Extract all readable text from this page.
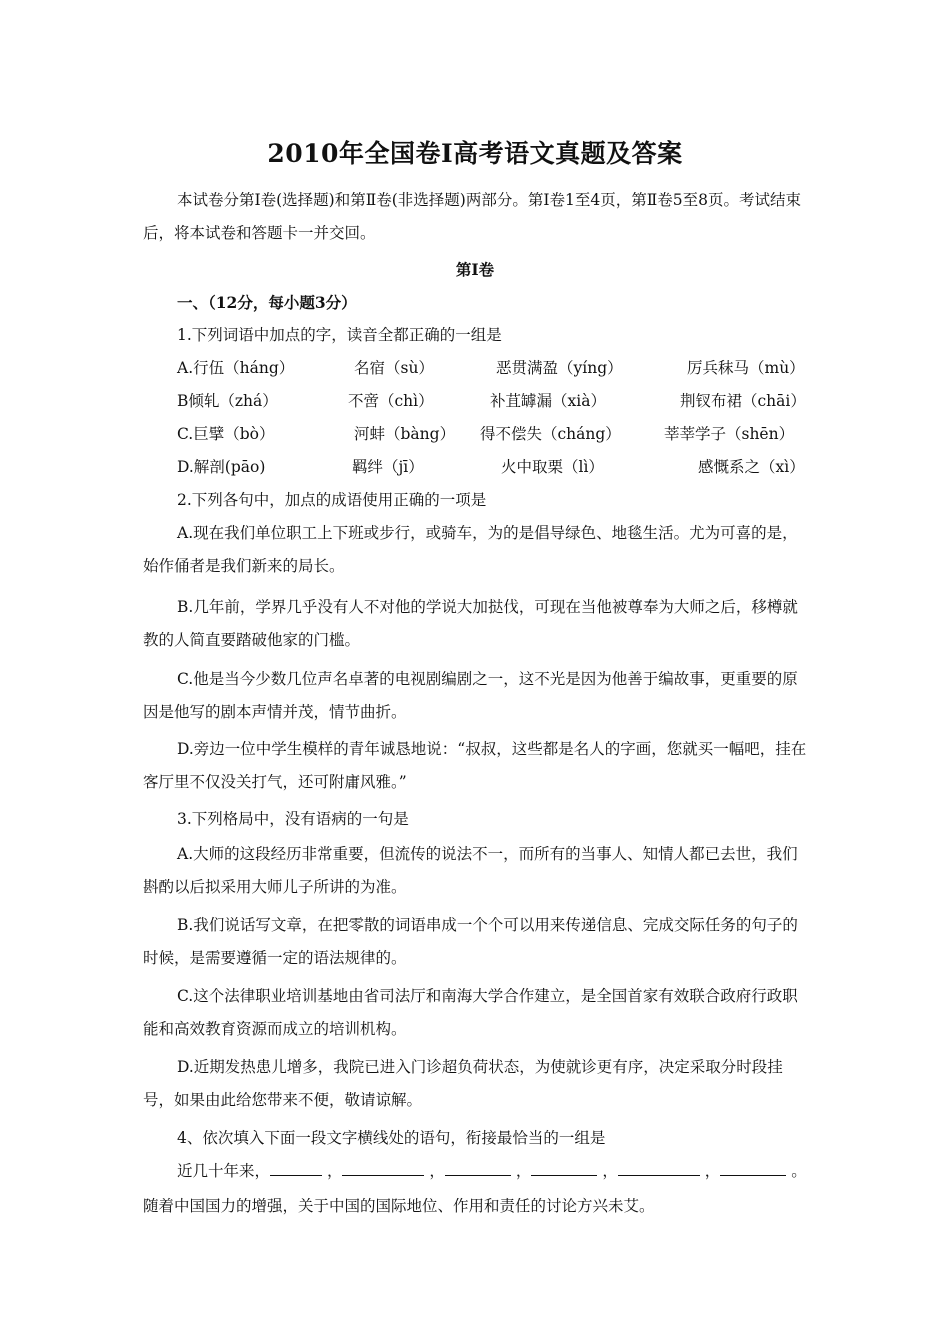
2010年全国卷Ⅰ高考语文真题及答案

本试卷分第Ⅰ卷(选择题)和第Ⅱ卷(非选择题)两部分。第Ⅰ卷1至4页，第Ⅱ卷5至8页。考试结束后，将本试卷和答题卡一并交回。

第Ⅰ卷

一、（12分，每小题3分）

1.下列词语中加点的字，读音全都正确的一组是

A.行伍（háng）	名宿（sù）	恶贯满盈（yíng）	厉兵秣马（mù）
B倾轧（zhá）	不啻（chì）	补苴罅漏（xià）	荆钗布裙（chāi）
C.巨擘（bò）	河蚌（bàng） 得不偿失（cháng）	莘莘学子（shēn）
D.解剖(pāo)	羁绊（jī）	火中取栗（lì）	感慨系之（xì）

2.下列各句中，加点的成语使用正确的一项是

A.现在我们单位职工上下班或步行，或骑车，为的是倡导绿色、地毯生活。尤为可喜的是，始作俑者是我们新来的局长。

B.几年前，学界几乎没有人不对他的学说大加挞伐，可现在当他被尊奉为大师之后，移樽就教的人简直要踏破他家的门槛。

C.他是当今少数几位声名卓著的电视剧编剧之一，这不光是因为他善于编故事，更重要的原因是他写的剧本声情并茂，情节曲折。

D.旁边一位中学生模样的青年诚恳地说：“叔叔，这些都是名人的字画，您就买一幅吧，挂在客厅里不仅没关打气，还可附庸风雅。”

3.下列格局中，没有语病的一句是

A.大师的这段经历非常重要，但流传的说法不一，而所有的当事人、知情人都已去世，我们斟酌以后拟采用大师儿子所讲的为准。

B.我们说话写文章，在把零散的词语串成一个个可以用来传递信息、完成交际任务的句子的时候，是需要遵循一定的语法规律的。

C.这个法律职业培训基地由省司法厅和南海大学合作建立，是全国首家有效联合政府行政职能和高效教育资源而成立的培训机构。

D.近期发热患儿增多，我院已进入门诊超负荷状态，为使就诊更有序，决定采取分时段挂号，如果由此给您带来不便，敬请谅解。

4、依次填入下面一段文字横线处的语句，衔接最恰当的一组是

近几十年来，	，	，	，	，	，	。

随着中国国力的增强，关于中国的国际地位、作用和责任的讨论方兴未艾。
